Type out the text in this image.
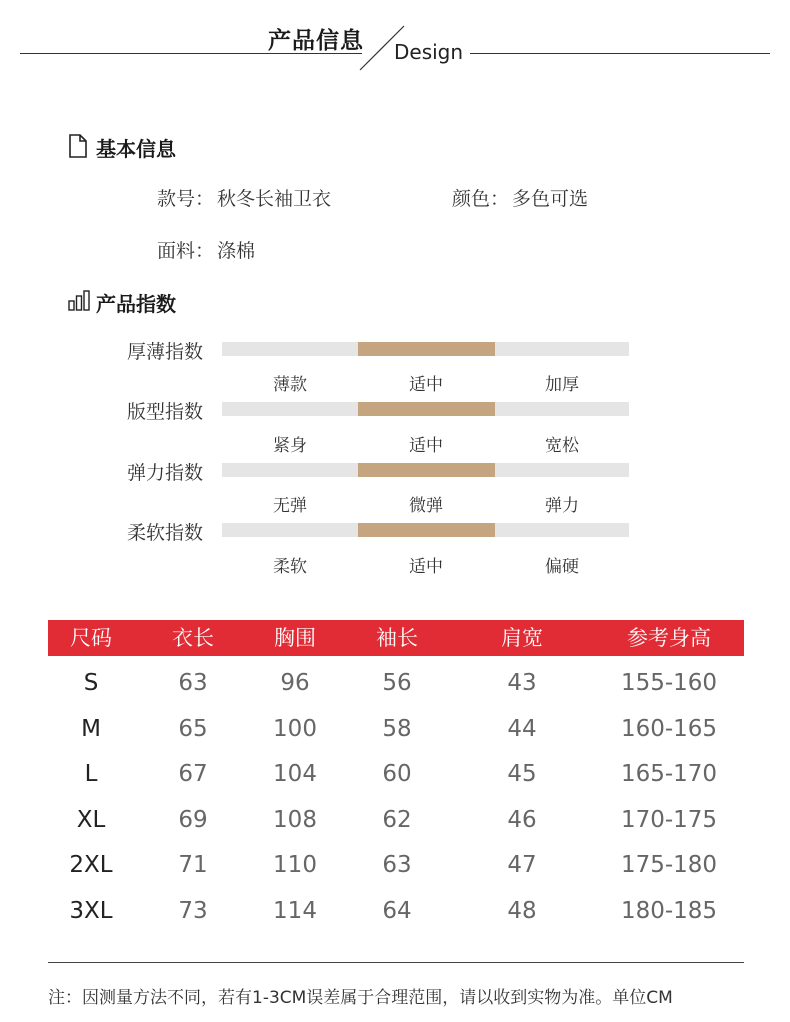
产品信息 Design
基本信息
款号： 秋冬长袖卫衣	颜色： 多色可选
面料： 涤棉
产品指数
厚薄指数
薄款	适中	加厚
版型指数
紧身	适中	宽松
弹力指数
无弹	微弹	弹力
柔软指数
柔软	适中	偏硬
尺码	衣长	胸围	袖长	肩宽	参考身高
S	63	96	56	43	155-160
M	65	100	58	44	160-165
L	67	104	60	45	165-170
XL	69	108	62	46	170-175
2XL	71	110	63	47	175-180
3XL	73	114	64	48	180-185
注：因测量方法不同，若有1-3CM误差属于合理范围，请以收到实物为准。单位CM
